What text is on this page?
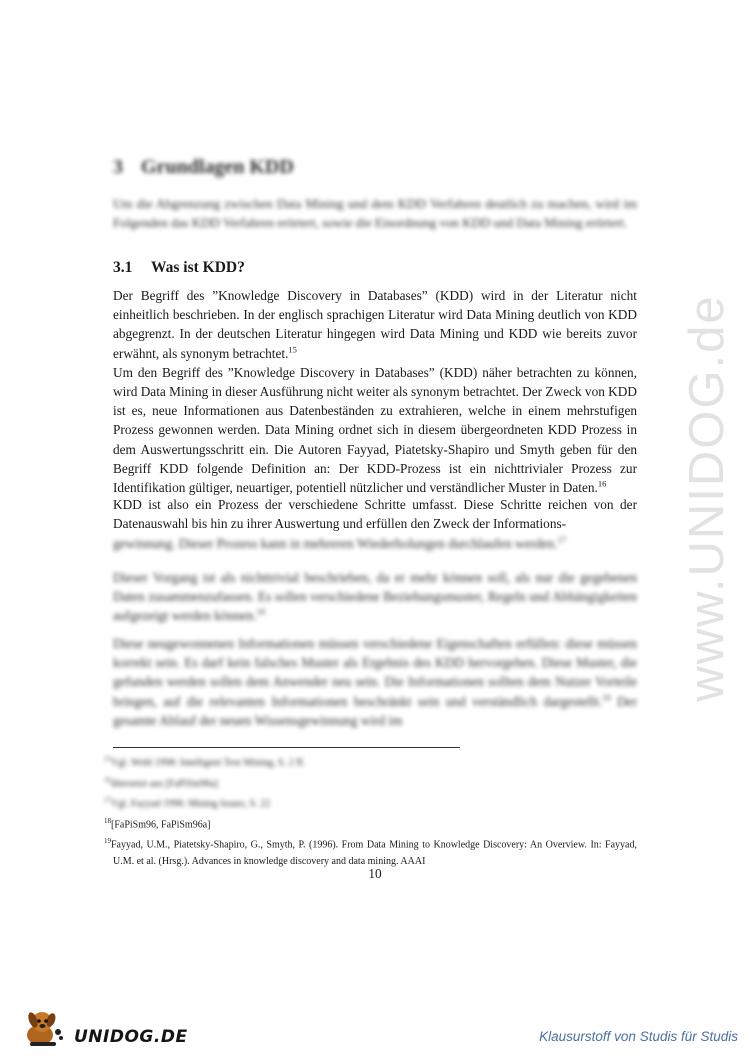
www.UNIDOG.de
3 Grundlagen KDD
Um die Abgrenzung zwischen Data Mining und dem KDD Verfahren deutlich zu machen, wird im Folgenden das KDD Verfahren erörtert, sowie die Einordnung von KDD und Data Mining erörtert.
3.1 Was ist KDD?
Der Begriff des ”Knowledge Discovery in Databases” (KDD) wird in der Literatur nicht einheitlich beschrieben. In der englisch sprachigen Literatur wird Data Mining deutlich von KDD abgegrenzt. In der deutschen Literatur hingegen wird Data Mining und KDD wie bereits zuvor erwähnt, als synonym betrachtet.$^{15}$
Um den Begriff des ”Knowledge Discovery in Databases” (KDD) näher betrachten zu können, wird Data Mining in dieser Ausführung nicht weiter als synonym betrachtet. Der Zweck von KDD ist es, neue Informationen aus Datenbeständen zu extrahieren, welche in einem mehrstufigen Prozess gewonnen werden. Data Mining ordnet sich in diesem übergeordneten KDD Prozess in dem Auswertungsschritt ein. Die Autoren Fayyad, Piatetsky-Shapiro und Smyth geben für den Begriff KDD folgende Definition an: Der KDD-Prozess ist ein nichttrivialer Prozess zur Identifikation gültiger, neuartiger, potentiell nützlicher und verständlicher Muster in Daten.$^{16}$
KDD ist also ein Prozess der verschiedene Schritte umfasst. Diese Schritte reichen von der Datenauswahl bis hin zu ihrer Auswertung und erfüllen den Zweck der Informations-
gewinnung. Dieser Prozess kann in mehreren Wiederholungen durchlaufen werden.$^{17}$
Dieser Vorgang ist als nichttrivial beschrieben, da er mehr können soll, als nur die gegebenen Daten zusammenzufassen. Es sollen verschiedene Beziehungsmuster, Regeln und Abhängigkeiten aufgezeigt werden können.$^{18}$
Diese neugewonnenen Informationen müssen verschiedene Eigenschaften erfüllen: diese müssen korrekt sein. Es darf kein falsches Muster als Ergebnis des KDD hervorgehen. Diese Muster, die gefunden werden sollen dem Anwender neu sein. Die Informationen sollten dem Nutzer Vorteile bringen, auf die relevanten Informationen beschränkt sein und verständlich dargestellt.$^{19}$ Der gesamte Ablauf der neuen Wissensgewinnung wird im
$^{15}$Vgl. Wohl 1998: Intelligent Text Mining, S. 2 ff.
$^{16}$übersetzt aus [FaPiSm96a]
$^{17}$Vgl. Fayyad 1996: Mining Issues, S. 22
$^{18}$[FaPiSm96, FaPiSm96a]
$^{19}$Fayyad, U.M., Piatetsky-Shapiro, G., Smyth, P. (1996). From Data Mining to Knowledge Discovery: An Overview. In: Fayyad, U.M. et al. (Hrsg.). Advances in knowledge discovery and data mining. AAAI
10
UNIDOG.DE	Klausurstoff von Studis für Studis
